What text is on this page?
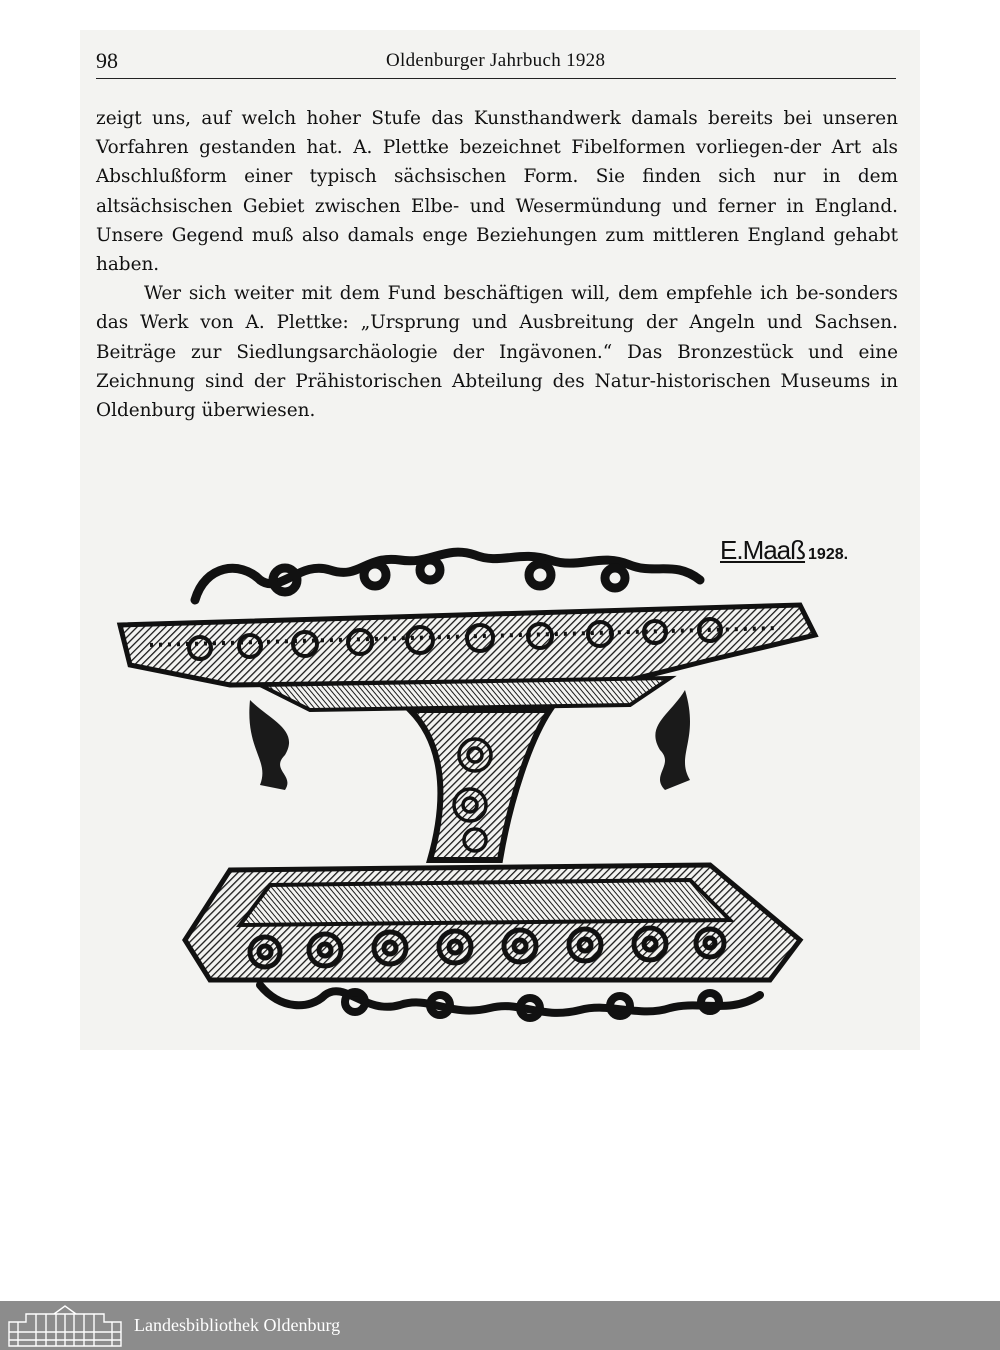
98	Oldenburger Jahrbuch 1928

zeigt uns, auf welch hoher Stufe das Kunsthandwerk damals bereits bei unseren Vorfahren gestanden hat. A. Plettke bezeichnet Fibelformen vorliegen-der Art als Abschlußform einer typisch sächsischen Form. Sie finden sich nur in dem altsächsischen Gebiet zwischen Elbe- und Wesermündung und ferner in England. Unsere Gegend muß also damals enge Beziehungen zum mittleren England gehabt haben.

Wer sich weiter mit dem Fund beschäftigen will, dem empfehle ich be-sonders das Werk von A. Plettke: „Ursprung und Ausbreitung der Angeln und Sachsen. Beiträge zur Siedlungsarchäologie der Ingävonen.“ Das Bronzestück und eine Zeichnung sind der Prähistorischen Abteilung des Natur-historischen Museums in Oldenburg überwiesen.

E.Maaß 1928.
Landesbibliothek Oldenburg
